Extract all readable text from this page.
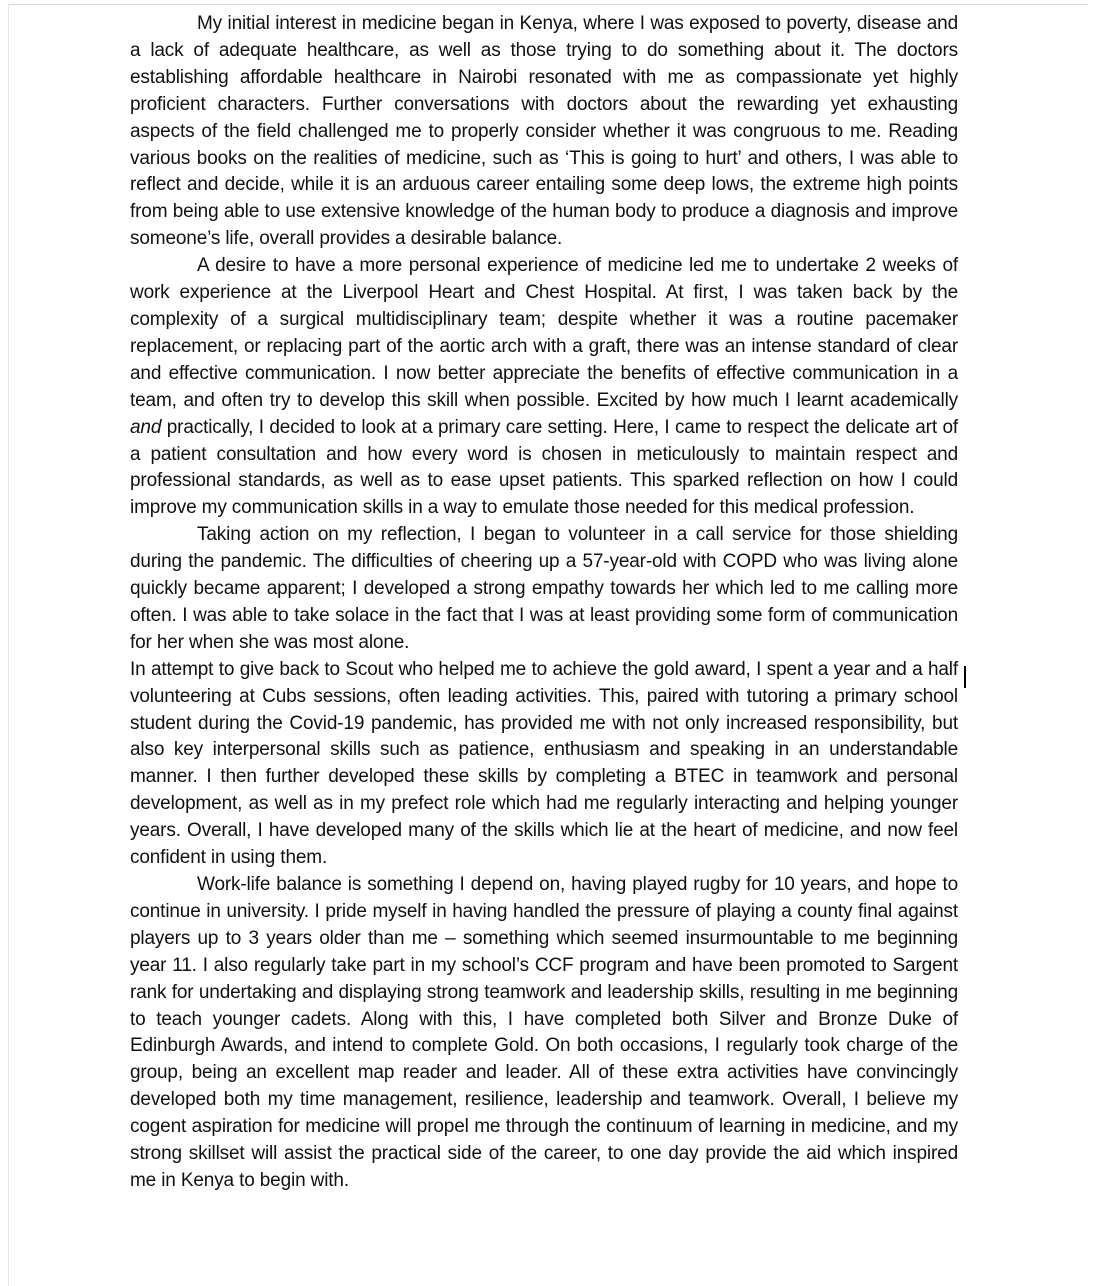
My initial interest in medicine began in Kenya, where I was exposed to poverty, disease and a lack of adequate healthcare, as well as those trying to do something about it. The doctors establishing affordable healthcare in Nairobi resonated with me as compassionate yet highly proficient characters. Further conversations with doctors about the rewarding yet exhausting aspects of the field challenged me to properly consider whether it was congruous to me. Reading various books on the realities of medicine, such as ‘This is going to hurt’ and others, I was able to reflect and decide, while it is an arduous career entailing some deep lows, the extreme high points from being able to use extensive knowledge of the human body to produce a diagnosis and improve someone’s life, overall provides a desirable balance.

A desire to have a more personal experience of medicine led me to undertake 2 weeks of work experience at the Liverpool Heart and Chest Hospital. At first, I was taken back by the complexity of a surgical multidisciplinary team; despite whether it was a routine pacemaker replacement, or replacing part of the aortic arch with a graft, there was an intense standard of clear and effective communication. I now better appreciate the benefits of effective communication in a team, and often try to develop this skill when possible. Excited by how much I learnt academically and practically, I decided to look at a primary care setting. Here, I came to respect the delicate art of a patient consultation and how every word is chosen in meticulously to maintain respect and professional standards, as well as to ease upset patients. This sparked reflection on how I could improve my communication skills in a way to emulate those needed for this medical profession.

Taking action on my reflection, I began to volunteer in a call service for those shielding during the pandemic. The difficulties of cheering up a 57-year-old with COPD who was living alone quickly became apparent; I developed a strong empathy towards her which led to me calling more often. I was able to take solace in the fact that I was at least providing some form of communication for her when she was most alone.

In attempt to give back to Scout who helped me to achieve the gold award, I spent a year and a half volunteering at Cubs sessions, often leading activities. This, paired with tutoring a primary school student during the Covid-19 pandemic, has provided me with not only increased responsibility, but also key interpersonal skills such as patience, enthusiasm and speaking in an understandable manner. I then further developed these skills by completing a BTEC in teamwork and personal development, as well as in my prefect role which had me regularly interacting and helping younger years. Overall, I have developed many of the skills which lie at the heart of medicine, and now feel confident in using them.

Work-life balance is something I depend on, having played rugby for 10 years, and hope to continue in university. I pride myself in having handled the pressure of playing a county final against players up to 3 years older than me – something which seemed insurmountable to me beginning year 11. I also regularly take part in my school’s CCF program and have been promoted to Sargent rank for undertaking and displaying strong teamwork and leadership skills, resulting in me beginning to teach younger cadets. Along with this, I have completed both Silver and Bronze Duke of Edinburgh Awards, and intend to complete Gold. On both occasions, I regularly took charge of the group, being an excellent map reader and leader. All of these extra activities have convincingly developed both my time management, resilience, leadership and teamwork. Overall, I believe my cogent aspiration for medicine will propel me through the continuum of learning in medicine, and my strong skillset will assist the practical side of the career, to one day provide the aid which inspired me in Kenya to begin with.
